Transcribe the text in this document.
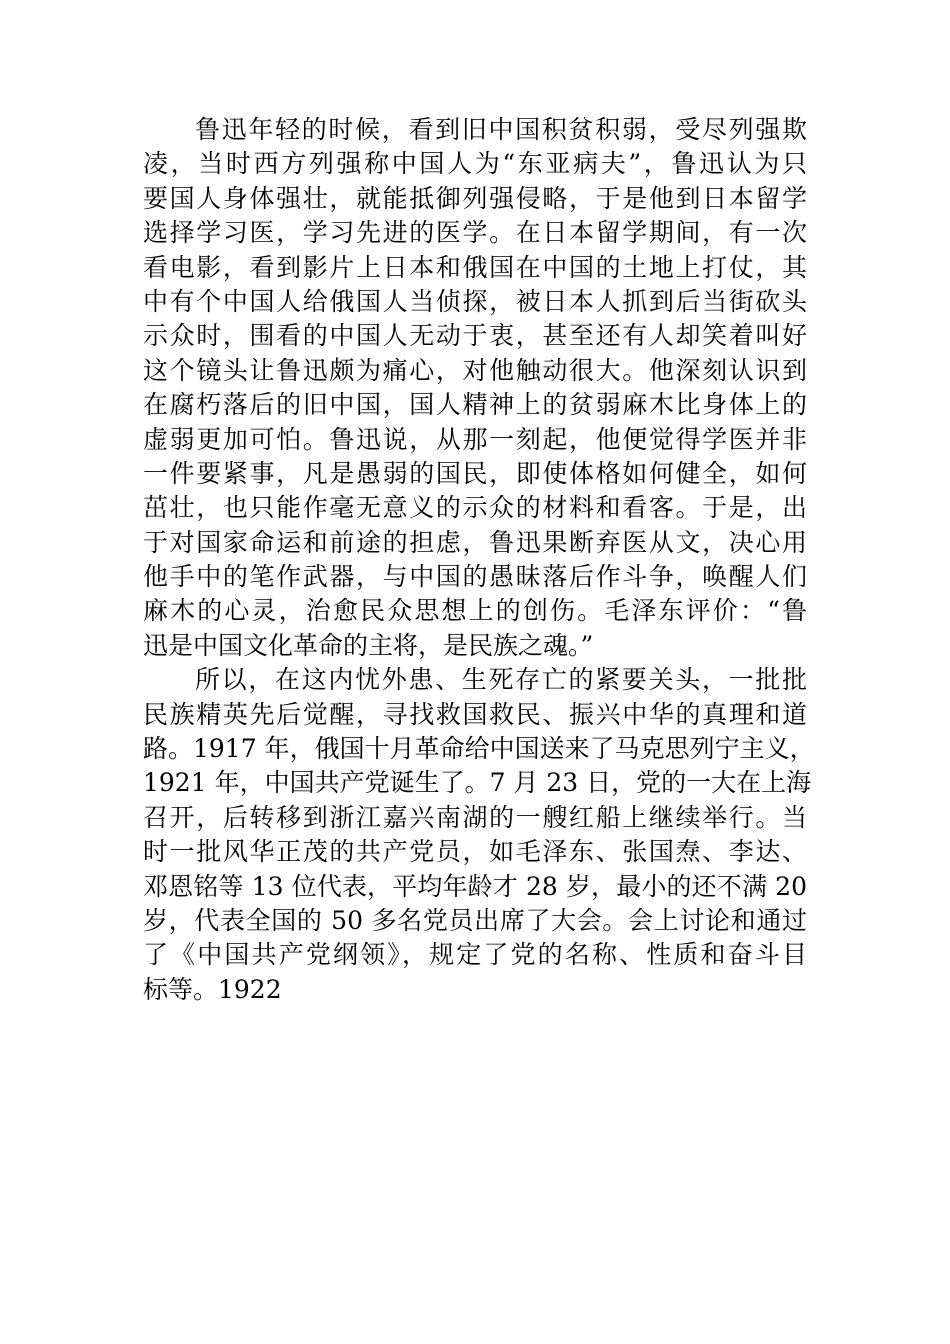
鲁迅年轻的时候，看到旧中国积贫积弱，受尽列强欺
凌，当时西方列强称中国人为“东亚病夫”，鲁迅认为只
要国人身体强壮，就能抵御列强侵略，于是他到日本留学
选择学习医，学习先进的医学。在日本留学期间，有一次
看电影，看到影片上日本和俄国在中国的土地上打仗，其
中有个中国人给俄国人当侦探，被日本人抓到后当街砍头
示众时，围看的中国人无动于衷，甚至还有人却笑着叫好
这个镜头让鲁迅颇为痛心，对他触动很大。他深刻认识到
在腐朽落后的旧中国，国人精神上的贫弱麻木比身体上的
虚弱更加可怕。鲁迅说，从那一刻起，他便觉得学医并非
一件要紧事，凡是愚弱的国民，即使体格如何健全，如何
茁壮，也只能作毫无意义的示众的材料和看客。于是，出
于对国家命运和前途的担虑，鲁迅果断弃医从文，决心用
他手中的笔作武器，与中国的愚昧落后作斗争，唤醒人们
麻木的心灵，治愈民众思想上的创伤。毛泽东评价：“鲁
迅是中国文化革命的主将，是民族之魂。”
所以，在这内忧外患、生死存亡的紧要关头，一批批
民族精英先后觉醒，寻找救国救民、振兴中华的真理和道
路。1917 年，俄国十月革命给中国送来了马克思列宁主义，
1921 年，中国共产党诞生了。7 月 23 日，党的一大在上海
召开，后转移到浙江嘉兴南湖的一艘红船上继续举行。当
时一批风华正茂的共产党员，如毛泽东、张国焘、李达、
邓恩铭等 13 位代表，平均年龄才 28 岁，最小的还不满 20
岁，代表全国的 50 多名党员出席了大会。会上讨论和通过
了《中国共产党纲领》，规定了党的名称、性质和奋斗目
标等。1922
